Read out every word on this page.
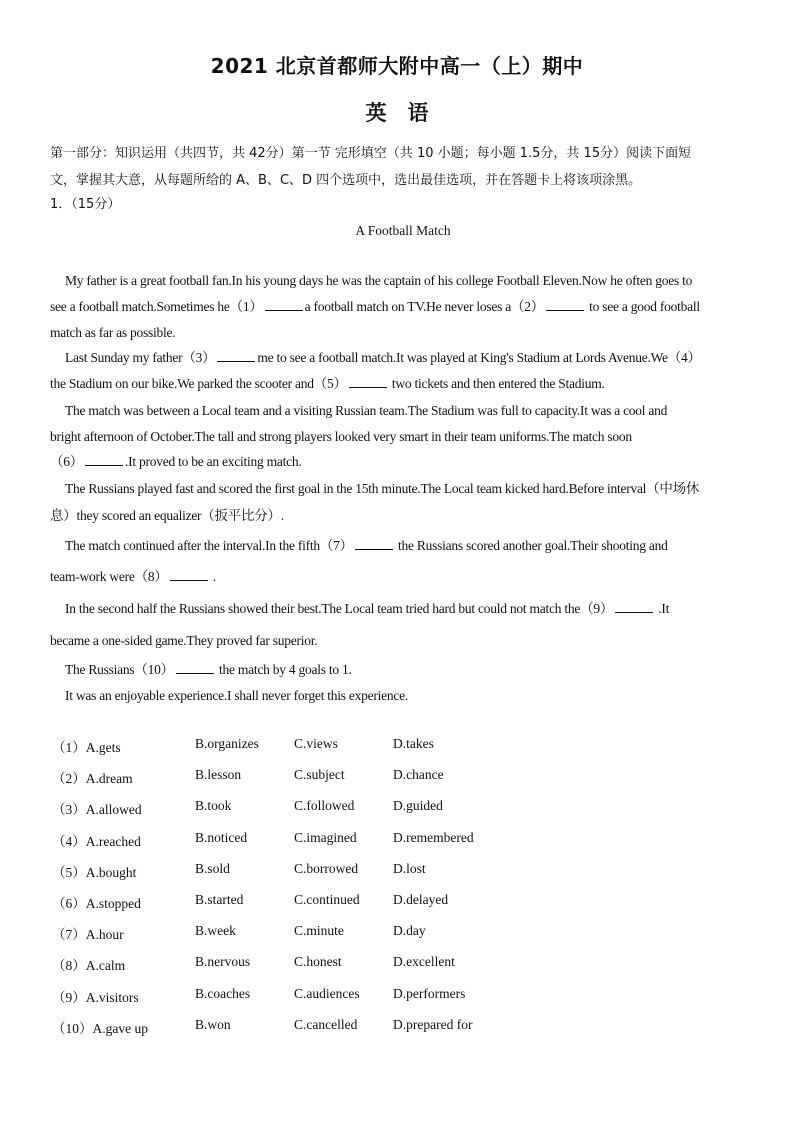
2021 北京首都师大附中高一（上）期中
英　语
第一部分：知识运用（共四节，共 42分）第一节 完形填空（共 10 小题；每小题 1.5分，共 15分）阅读下面短
文，掌握其大意，从每题所给的 A、B、C、D 四个选项中，选出最佳选项，并在答题卡上将该项涂黑。
1．（15分）
A Football Match
My father is a great football fan.In his young days he was the captain of his college Football Eleven.Now he often goes to
see a football match.Sometimes he（1）	a football match on TV.He never loses a（2）	to see a good football
match as far as possible.
Last Sunday my father（3）	me to see a football match.It was played at King's Stadium at Lords Avenue.We（4）
the Stadium on our bike.We parked the scooter and（5）	two tickets and then entered the Stadium.
The match was between a Local team and a visiting Russian team.The Stadium was full to capacity.It was a cool and
bright afternoon of October.The tall and strong players looked very smart in their team uniforms.The match soon
（6）	.It proved to be an exciting match.
The Russians played fast and scored the first goal in the 15th minute.The Local team kicked hard.Before interval（中场休
息）they scored an equalizer（扳平比分）.
The match continued after the interval.In the fifth（7）	the Russians scored another goal.Their shooting and
team-work were（8）	.
In the second half the Russians showed their best.The Local team tried hard but could not match the（9）	.It
became a one-sided game.They proved far superior.
The Russians（10）	the match by 4 goals to 1.
It was an enjoyable experience.I shall never forget this experience.
（1）A.gets	B.organizes	C.views	D.takes
（2）A.dream	B.lesson	C.subject	D.chance
（3）A.allowed	B.took	C.followed	D.guided
（4）A.reached	B.noticed	C.imagined	D.remembered
（5）A.bought	B.sold	C.borrowed	D.lost
（6）A.stopped	B.started	C.continued D.delayed
（7）A.hour	B.week	C.minute	D.day
（8）A.calm	B.nervous	C.honest	D.excellent
（9）A.visitors	B.coaches	C.audiences D.performers
（10）A.gave up	B.won	C.cancelled	D.prepared for
